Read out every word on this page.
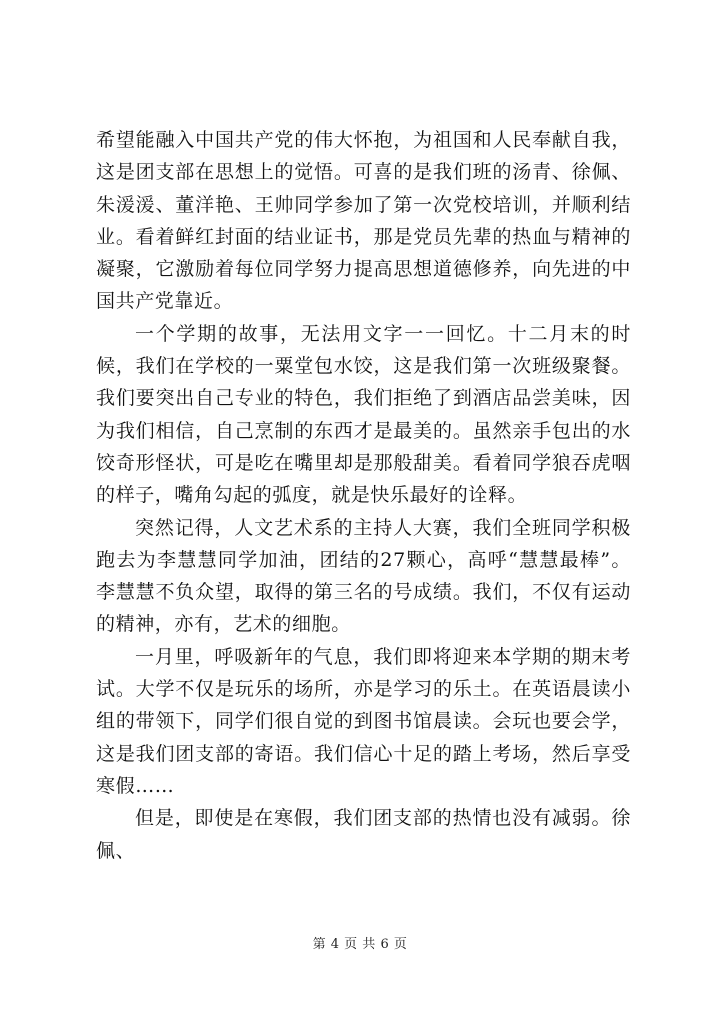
希望能融入中国共产党的伟大怀抱，为祖国和人民奉献自我，这是团支部在思想上的觉悟。可喜的是我们班的汤青、徐佩、朱湲湲、董洋艳、王帅同学参加了第一次党校培训，并顺利结业。看着鲜红封面的结业证书，那是党员先辈的热血与精神的凝聚，它激励着每位同学努力提高思想道德修养，向先进的中国共产党靠近。

一个学期的故事，无法用文字一一回忆。十二月末的时候，我们在学校的一粟堂包水饺，这是我们第一次班级聚餐。我们要突出自己专业的特色，我们拒绝了到酒店品尝美味，因为我们相信，自己烹制的东西才是最美的。虽然亲手包出的水饺奇形怪状，可是吃在嘴里却是那般甜美。看着同学狼吞虎咽的样子，嘴角勾起的弧度，就是快乐最好的诠释。

突然记得，人文艺术系的主持人大赛，我们全班同学积极跑去为李慧慧同学加油，团结的27颗心，高呼“慧慧最棒”。李慧慧不负众望，取得的第三名的号成绩。我们，不仅有运动的精神，亦有，艺术的细胞。

一月里，呼吸新年的气息，我们即将迎来本学期的期末考试。大学不仅是玩乐的场所，亦是学习的乐土。在英语晨读小组的带领下，同学们很自觉的到图书馆晨读。会玩也要会学，这是我们团支部的寄语。我们信心十足的踏上考场，然后享受寒假……

但是，即使是在寒假，我们团支部的热情也没有减弱。徐佩、

第 4 页 共 6 页
